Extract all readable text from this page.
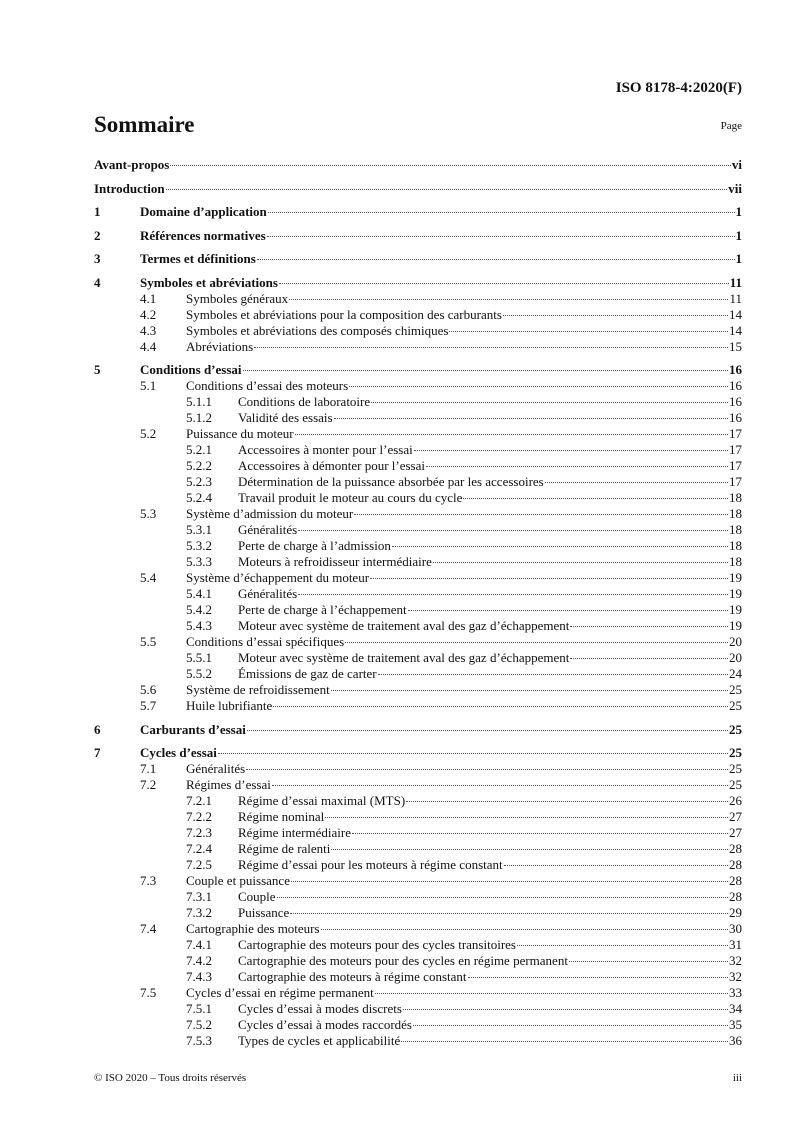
ISO 8178-4:2020(F)
Sommaire	Page
Avant-propos	vi
Introduction	vii
1	Domaine d’application	1
2	Références normatives	1
3	Termes et définitions	1
4	Symboles et abréviations	11
4.1	Symboles généraux	11
4.2	Symboles et abréviations pour la composition des carburants	14
4.3	Symboles et abréviations des composés chimiques	14
4.4	Abréviations	15
5	Conditions d’essai	16
5.1	Conditions d’essai des moteurs	16
5.1.1	Conditions de laboratoire	16
5.1.2	Validité des essais	16
5.2	Puissance du moteur	17
5.2.1	Accessoires à monter pour l’essai	17
5.2.2	Accessoires à démonter pour l’essai	17
5.2.3	Détermination de la puissance absorbée par les accessoires	17
5.2.4	Travail produit le moteur au cours du cycle	18
5.3	Système d’admission du moteur	18
5.3.1	Généralités	18
5.3.2	Perte de charge à l’admission	18
5.3.3	Moteurs à refroidisseur intermédiaire	18
5.4	Système d’échappement du moteur	19
5.4.1	Généralités	19
5.4.2	Perte de charge à l’échappement	19
5.4.3	Moteur avec système de traitement aval des gaz d’échappement	19
5.5	Conditions d’essai spécifiques	20
5.5.1	Moteur avec système de traitement aval des gaz d’échappement	20
5.5.2	Émissions de gaz de carter	24
5.6	Système de refroidissement	25
5.7	Huile lubrifiante	25
6	Carburants d’essai	25
7	Cycles d’essai	25
7.1	Généralités	25
7.2	Régimes d’essai	25
7.2.1	Régime d’essai maximal (MTS)	26
7.2.2	Régime nominal	27
7.2.3	Régime intermédiaire	27
7.2.4	Régime de ralenti	28
7.2.5	Régime d’essai pour les moteurs à régime constant	28
7.3	Couple et puissance	28
7.3.1	Couple	28
7.3.2	Puissance	29
7.4	Cartographie des moteurs	30
7.4.1	Cartographie des moteurs pour des cycles transitoires	31
7.4.2	Cartographie des moteurs pour des cycles en régime permanent	32
7.4.3	Cartographie des moteurs à régime constant	32
7.5	Cycles d’essai en régime permanent	33
7.5.1	Cycles d’essai à modes discrets	34
7.5.2	Cycles d’essai à modes raccordés	35
7.5.3	Types de cycles et applicabilité	36
© ISO 2020 – Tous droits réservés	iii
